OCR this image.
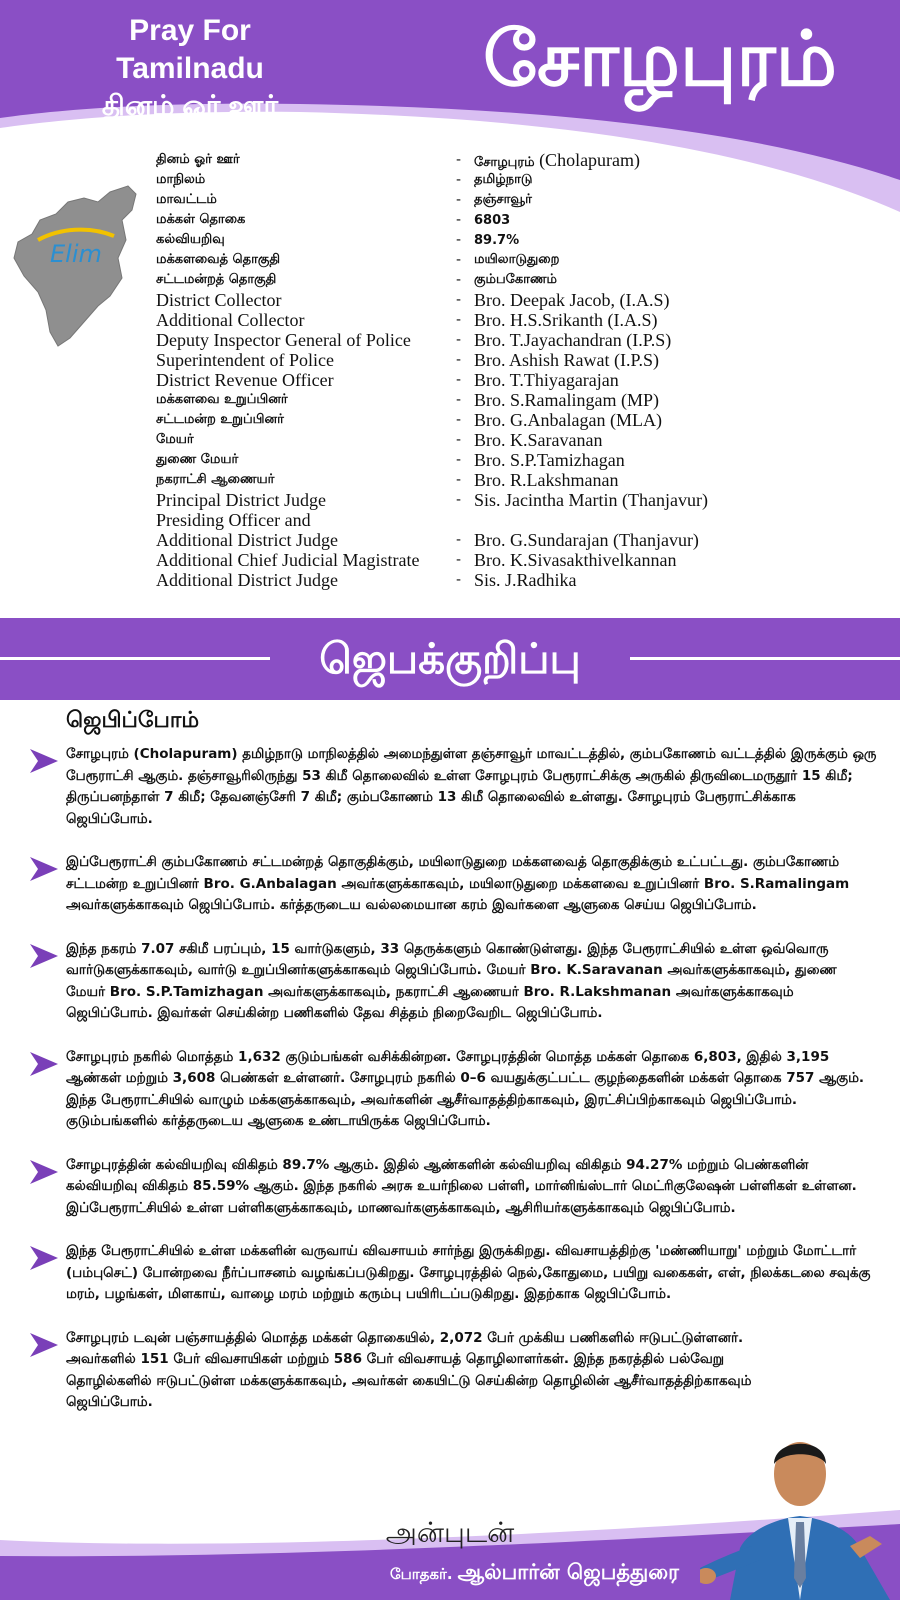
Pray For Tamilnadu
தினம் ஓர் ஊர்
சோழபுரம்
Elim
தினம் ஓர் ஊர்	- சோழபுரம் (Cholapuram)
மாநிலம்	- தமிழ்நாடு
மாவட்டம்	- தஞ்சாவூர்
மக்கள் தொகை	- 6803
கல்வியறிவு	- 89.7%
மக்களவைத் தொகுதி	- மயிலாடுதுறை
சட்டமன்றத் தொகுதி	- கும்பகோணம்
District Collector	- Bro. Deepak Jacob, (I.A.S)
Additional Collector	- Bro. H.S.Srikanth (I.A.S)
Deputy Inspector General of Police	- Bro. T.Jayachandran (I.P.S)
Superintendent of Police	- Bro. Ashish Rawat (I.P.S)
District Revenue Officer	- Bro. T.Thiyagarajan
மக்களவை உறுப்பினர்	- Bro. S.Ramalingam (MP)
சட்டமன்ற உறுப்பினர்	- Bro. G.Anbalagan (MLA)
மேயர்	- Bro. K.Saravanan
துணை மேயர்	- Bro. S.P.Tamizhagan
நகராட்சி ஆணையர்	- Bro. R.Lakshmanan
Principal District Judge	- Sis. Jacintha Martin (Thanjavur)
Presiding Officer and
Additional District Judge	- Bro. G.Sundarajan (Thanjavur)
Additional Chief Judicial Magistrate	- Bro. K.Sivasakthivelkannan
Additional District Judge	- Sis. J.Radhika
ஜெபக்குறிப்பு
ஜெபிப்போம்
சோழபுரம் (Cholapuram) தமிழ்நாடு மாநிலத்தில் அமைந்துள்ள தஞ்சாவூர் மாவட்டத்தில், கும்பகோணம் வட்டத்தில் இருக்கும் ஒரு பேரூராட்சி ஆகும். தஞ்சாவூரிலிருந்து 53 கிமீ தொலைவில் உள்ள சோழபுரம் பேரூராட்சிக்கு அருகில் திருவிடைமருதூர் 15 கிமீ; திருப்பனந்தாள் 7 கிமீ; தேவனஞ்சேரி 7 கிமீ; கும்பகோணம் 13 கிமீ தொலைவில் உள்ளது. சோழபுரம் பேரூராட்சிக்காக ஜெபிப்போம்.
இப்பேரூராட்சி கும்பகோணம் சட்டமன்றத் தொகுதிக்கும், மயிலாடுதுறை மக்களவைத் தொகுதிக்கும் உட்பட்டது. கும்பகோணம் சட்டமன்ற உறுப்பினர் Bro. G.Anbalagan அவர்களுக்காகவும், மயிலாடுதுறை மக்களவை உறுப்பினர் Bro. S.Ramalingam அவர்களுக்காகவும் ஜெபிப்போம். கர்த்தருடைய வல்லமையான கரம் இவர்களை ஆளுகை செய்ய ஜெபிப்போம்.
இந்த நகரம் 7.07 சகிமீ பரப்பும், 15 வார்டுகளும், 33 தெருக்களும் கொண்டுள்ளது. இந்த பேரூராட்சியில் உள்ள ஒவ்வொரு வார்டுகளுக்காகவும், வார்டு உறுப்பினர்களுக்காகவும் ஜெபிப்போம். மேயர் Bro. K.Saravanan அவர்களுக்காகவும், துணை மேயர் Bro. S.P.Tamizhagan அவர்களுக்காகவும், நகராட்சி ஆணையர் Bro. R.Lakshmanan அவர்களுக்காகவும் ஜெபிப்போம். இவர்கள் செய்கின்ற பணிகளில் தேவ சித்தம் நிறைவேறிட ஜெபிப்போம்.
சோழபுரம் நகரில் மொத்தம் 1,632 குடும்பங்கள் வசிக்கின்றன. சோழபுரத்தின் மொத்த மக்கள் தொகை 6,803, இதில் 3,195 ஆண்கள் மற்றும் 3,608 பெண்கள் உள்ளனர். சோழபுரம் நகரில் 0–6 வயதுக்குட்பட்ட குழந்தைகளின் மக்கள் தொகை 757 ஆகும். இந்த பேரூராட்சியில் வாழும் மக்களுக்காகவும், அவர்களின் ஆசீர்வாதத்திற்காகவும், இரட்சிப்பிற்காகவும் ஜெபிப்போம். குடும்பங்களில் கர்த்தருடைய ஆளுகை உண்டாயிருக்க ஜெபிப்போம்.
சோழபுரத்தின் கல்வியறிவு விகிதம் 89.7% ஆகும். இதில் ஆண்களின் கல்வியறிவு விகிதம் 94.27% மற்றும் பெண்களின் கல்வியறிவு விகிதம் 85.59% ஆகும். இந்த நகரில் அரசு உயர்நிலை பள்ளி, மார்னிங்ஸ்டார் மெட்ரிகுலேஷன் பள்ளிகள் உள்ளன. இப்பேரூராட்சியில் உள்ள பள்ளிகளுக்காகவும், மாணவர்களுக்காகவும், ஆசிரியர்களுக்காகவும் ஜெபிப்போம்.
இந்த பேரூராட்சியில் உள்ள மக்களின் வருவாய் விவசாயம் சார்ந்து இருக்கிறது. விவசாயத்திற்கு 'மண்ணியாறு' மற்றும் மோட்டார் (பம்புசெட்) போன்றவை நீர்ப்பாசனம் வழங்கப்படுகிறது. சோழபுரத்தில் நெல்,கோதுமை, பயிறு வகைகள், எள், நிலக்கடலை சவுக்கு மரம், பழங்கள், மிளகாய், வாழை மரம் மற்றும் கரும்பு பயிரிடப்படுகிறது. இதற்காக ஜெபிப்போம்.
சோழபுரம் டவுன் பஞ்சாயத்தில் மொத்த மக்கள் தொகையில், 2,072 பேர் முக்கிய பணிகளில் ஈடுபட்டுள்ளனர். அவர்களில் 151 பேர் விவசாயிகள் மற்றும் 586 பேர் விவசாயத் தொழிலாளர்கள். இந்த நகரத்தில் பல்வேறு தொழில்களில் ஈடுபட்டுள்ள மக்களுக்காகவும், அவர்கள் கையிட்டு செய்கின்ற தொழிலின் ஆசீர்வாதத்திற்காகவும் ஜெபிப்போம்.
அன்புடன்
போதகர். ஆல்பார்ன் ஜெபத்துரை
